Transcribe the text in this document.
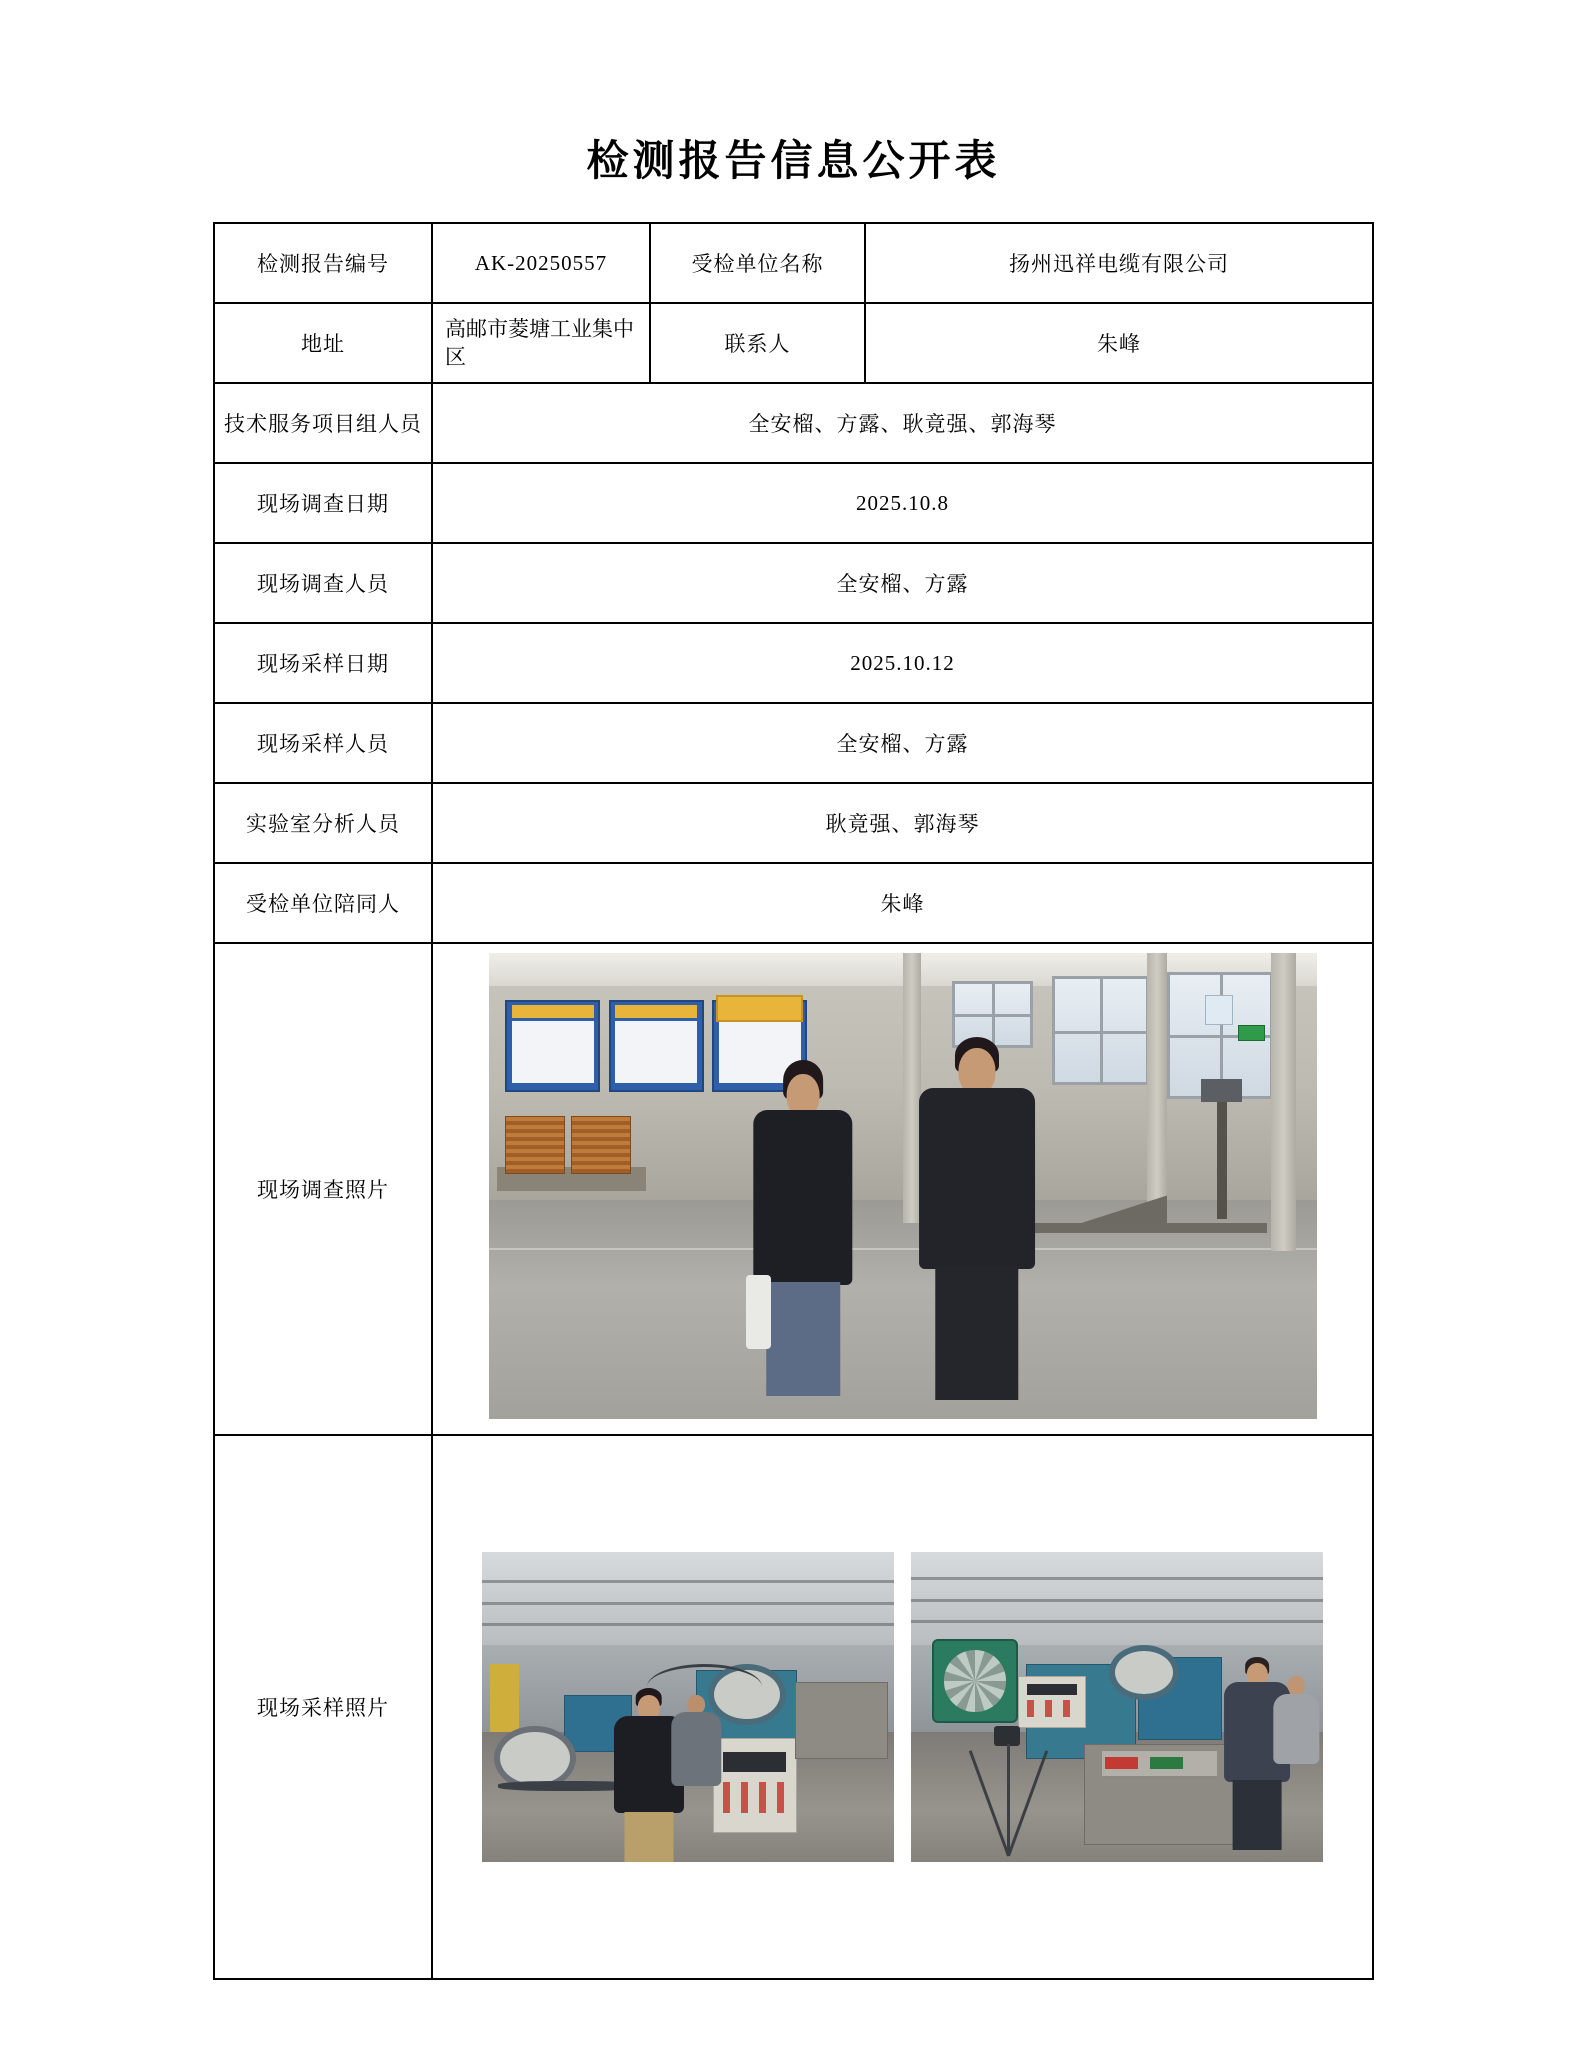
检测报告信息公开表
检测报告编号	AK-20250557	受检单位名称	扬州迅祥电缆有限公司
地址	高邮市菱塘工业集中区	联系人	朱峰
技术服务项目组人员	全安榴、方露、耿竟强、郭海琴		
现场调查日期	2025.10.8		
现场调查人员	全安榴、方露		
现场采样日期	2025.10.12		
现场采样人员	全安榴、方露		
实验室分析人员	耿竟强、郭海琴		
受检单位陪同人	朱峰		
现场调查照片			

现场采样照片			
